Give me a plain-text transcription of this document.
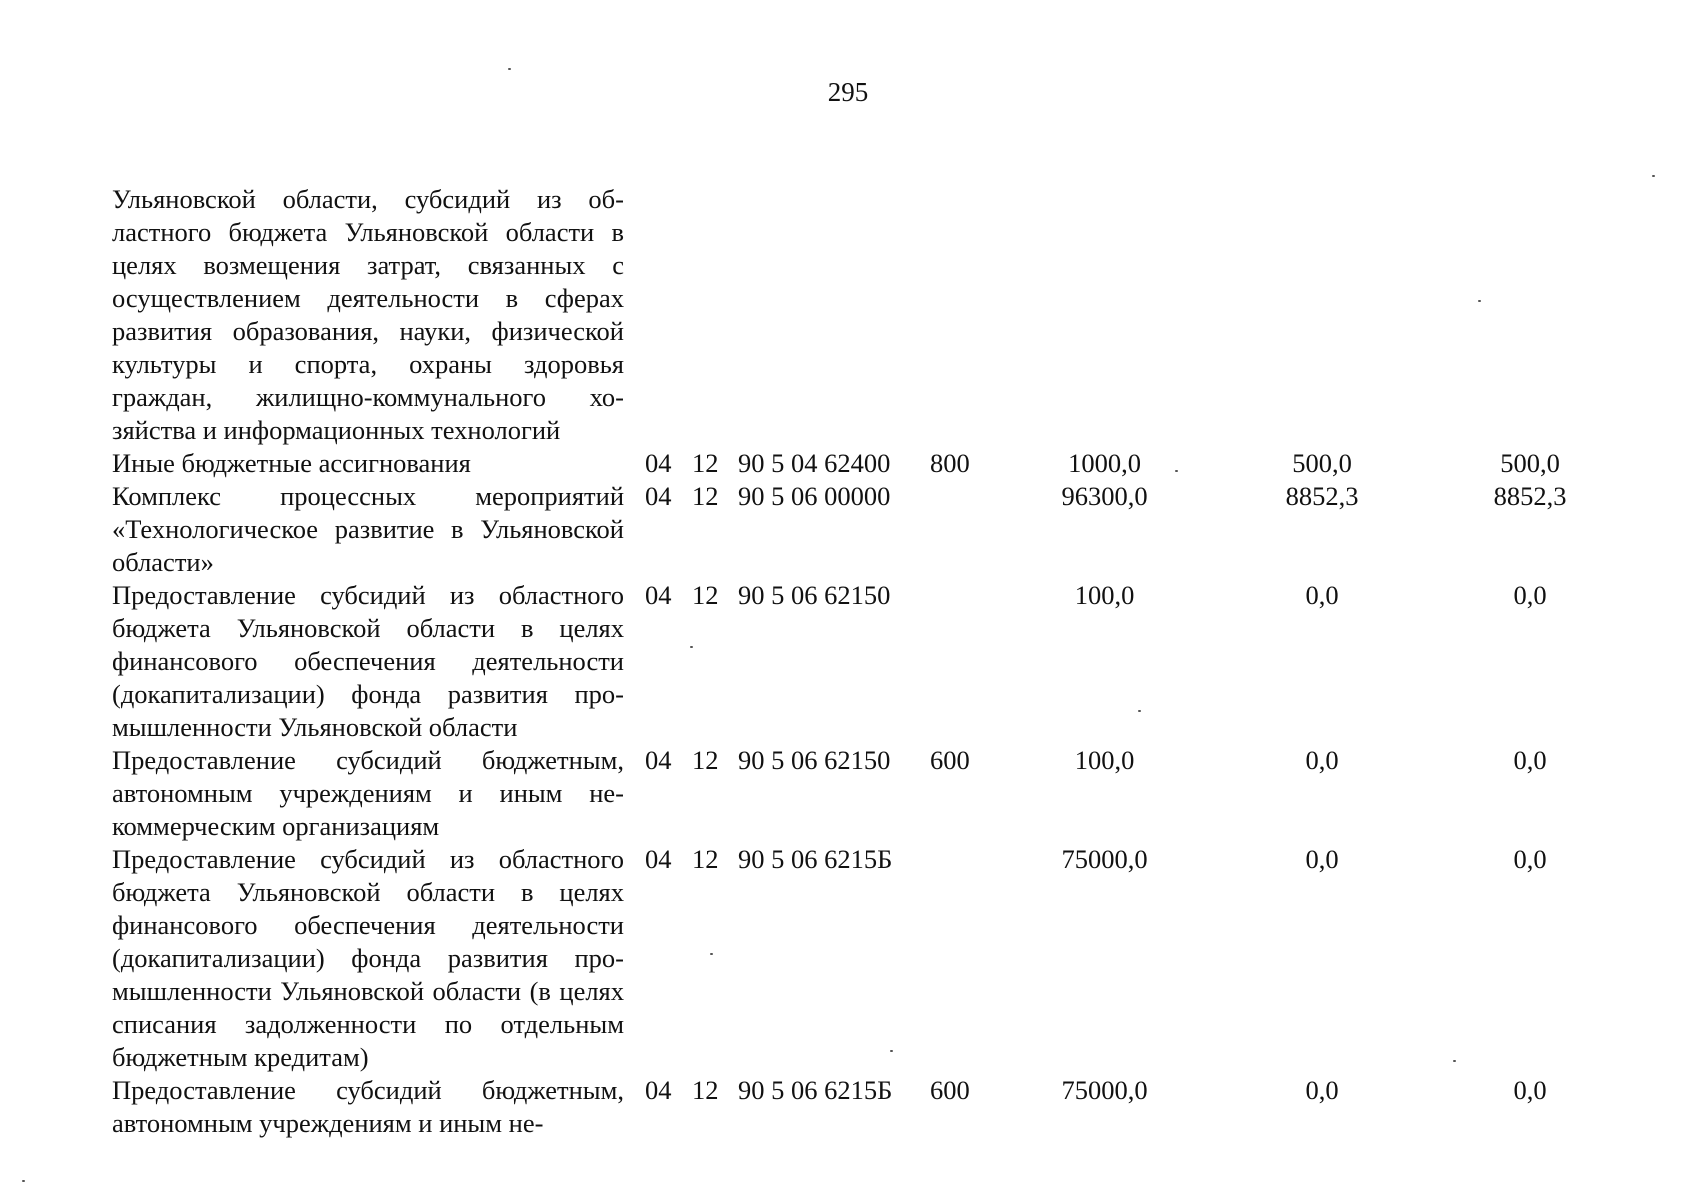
295
Ульяновской области, субсидий из областного бюджета Ульяновской области в целях возмещения затрат, связанных с осуществлением деятельности в сферах развития образования, науки, физической культуры и спорта, охраны здоровья граждан, жилищно-коммунального хозяйства и информационных технологий
Иные бюджетные ассигнования	04 12 90 5 04 62400 800	1000,0	500,0	500,0
Комплекс процессных мероприятий «Технологическое развитие в Ульяновской области»
04 12 90 5 06 00000	96300,0	8852,3	8852,3
Предоставление субсидий из областного бюджета Ульяновской области в целях финансового обеспечения деятельности (докапитализации) фонда развития промышленности Ульяновской области
04 12 90 5 06 62150	100,0	0,0	0,0
Предоставление субсидий бюджетным, автономным учреждениям и иным некоммерческим организациям
04 12 90 5 06 62150 600	100,0	0,0	0,0
Предоставление субсидий из областного бюджета Ульяновской области в целях финансового обеспечения деятельности (докапитализации) фонда развития промышленности Ульяновской области (в целях списания задолженности по отдельным бюджетным кредитам)
04 12 90 5 06 6215Б	75000,0	0,0	0,0
Предоставление субсидий бюджетным, автономным учреждениям и иным не-
04 12 90 5 06 6215Б 600	75000,0	0,0	0,0
